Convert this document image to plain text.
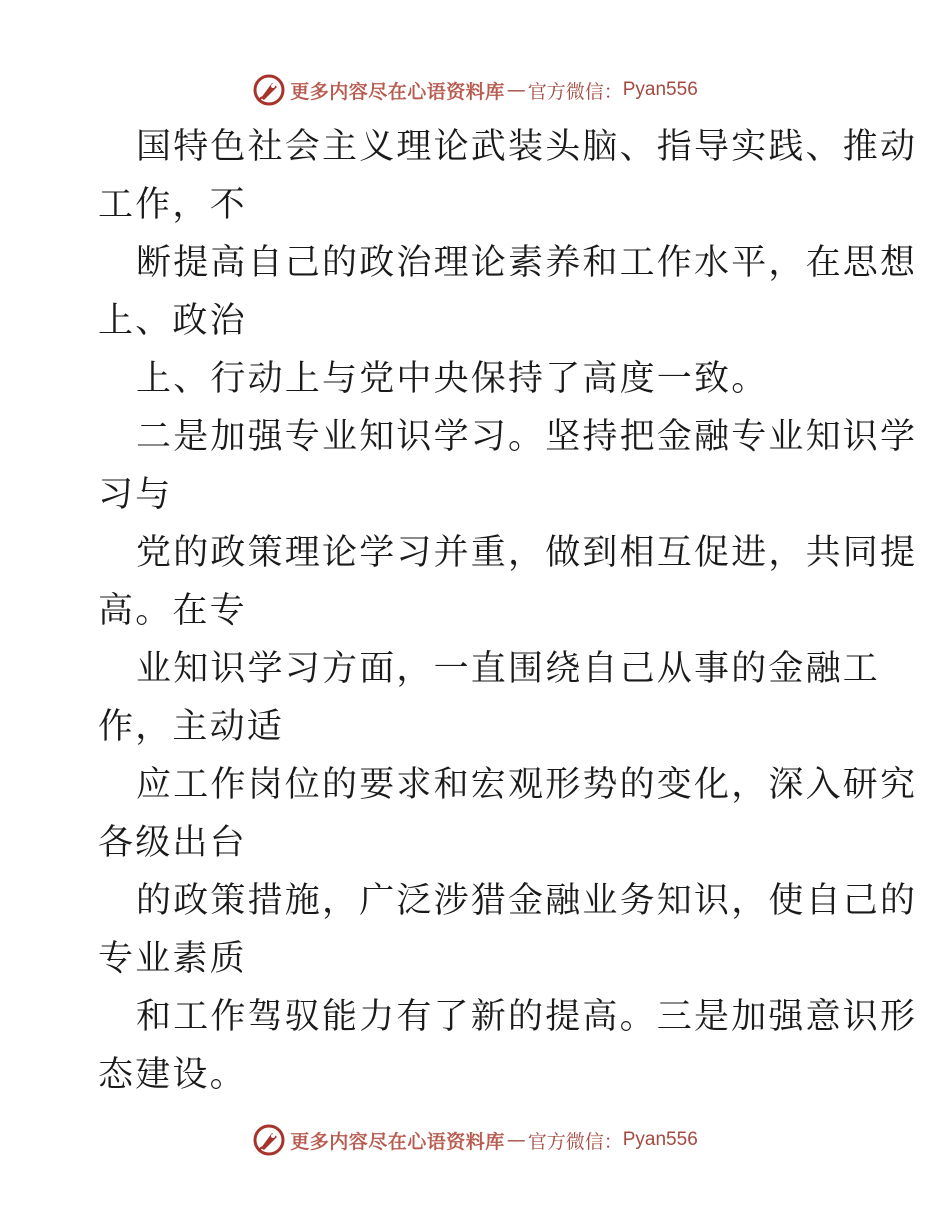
更多内容尽在心语资料库 — 官方微信： Pyan556
国特色社会主义理论武装头脑、指导实践、推动
工作，不
断提高自己的政治理论素养和工作水平，在思想
上、政治
上、行动上与党中央保持了高度一致。
二是加强专业知识学习。坚持把金融专业知识学
习与
党的政策理论学习并重，做到相互促进，共同提
高。在专
业知识学习方面，一直围绕自己从事的金融工
作，主动适
应工作岗位的要求和宏观形势的变化，深入研究
各级出台
的政策措施，广泛涉猎金融业务知识，使自己的
专业素质
和工作驾驭能力有了新的提高。三是加强意识形
态建设。
更多内容尽在心语资料库 — 官方微信： Pyan556
